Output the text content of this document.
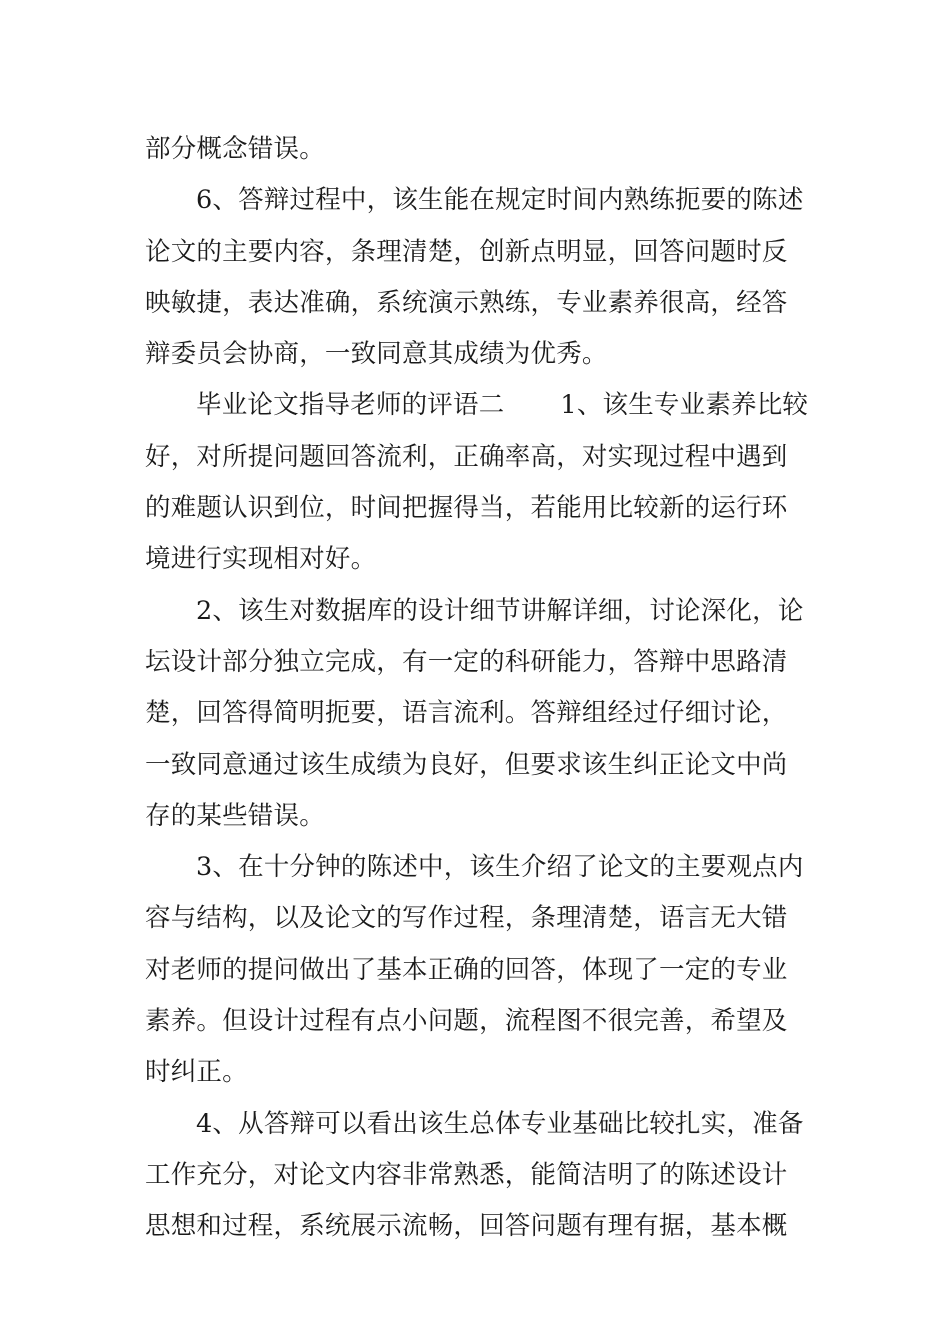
部分概念错误。
6、答辩过程中，该生能在规定时间内熟练扼要的陈述
论文的主要内容，条理清楚，创新点明显，回答问题时反
映敏捷，表达准确，系统演示熟练，专业素养很高，经答
辩委员会协商，一致同意其成绩为优秀。
毕业论文指导老师的评语二 1、该生专业素养比较
好，对所提问题回答流利，正确率高，对实现过程中遇到
的难题认识到位，时间把握得当，若能用比较新的运行环
境进行实现相对好。
2、该生对数据库的设计细节讲解详细，讨论深化，论
坛设计部分独立完成，有一定的科研能力，答辩中思路清
楚，回答得简明扼要，语言流利。答辩组经过仔细讨论，
一致同意通过该生成绩为良好，但要求该生纠正论文中尚
存的某些错误。
3、在十分钟的陈述中，该生介绍了论文的主要观点内
容与结构，以及论文的写作过程，条理清楚，语言无大错
对老师的提问做出了基本正确的回答，体现了一定的专业
素养。但设计过程有点小问题，流程图不很完善，希望及
时纠正。
4、从答辩可以看出该生总体专业基础比较扎实，准备
工作充分，对论文内容非常熟悉，能简洁明了的陈述设计
思想和过程，系统展示流畅，回答问题有理有据，基本概
